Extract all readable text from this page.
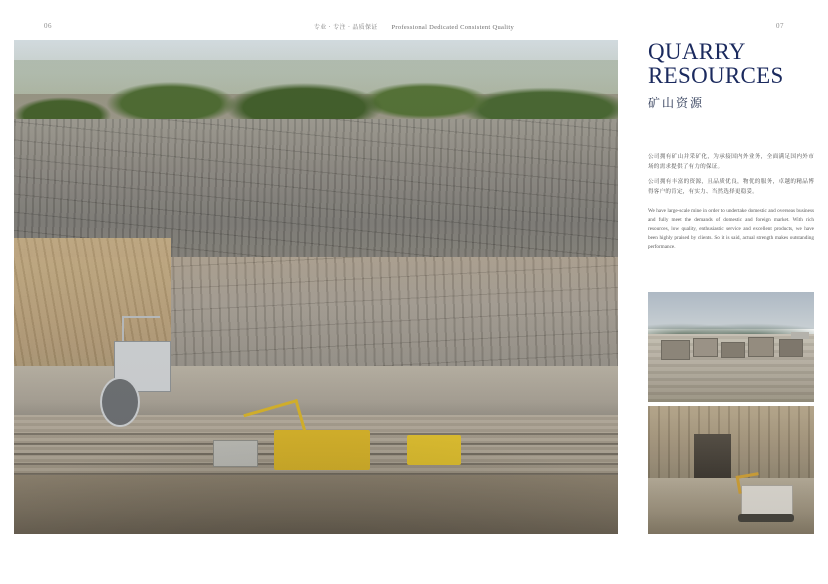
06	专业 · 专注 · 品质保证 Professional Dedicated Consistent Quality	07
QUARRY
RESOURCES
矿山资源

公司拥有矿山并采矿化，为承接国内外业务，全面满足国内外市场的需求提供了有力的保证。

公司拥有丰富的资源，且品质优良，物优的服务，卓越的精品博得客户的肯定，有实力、当然选择更稳妥。

We have large-scale mine in order to undertake domestic and overseas business and fully meet the demands of domestic and foreign market. With rich resources, low quality, enthusiastic service and excellent products, we have been highly praised by clients. So it is said, actual strength makes outstanding performance.
